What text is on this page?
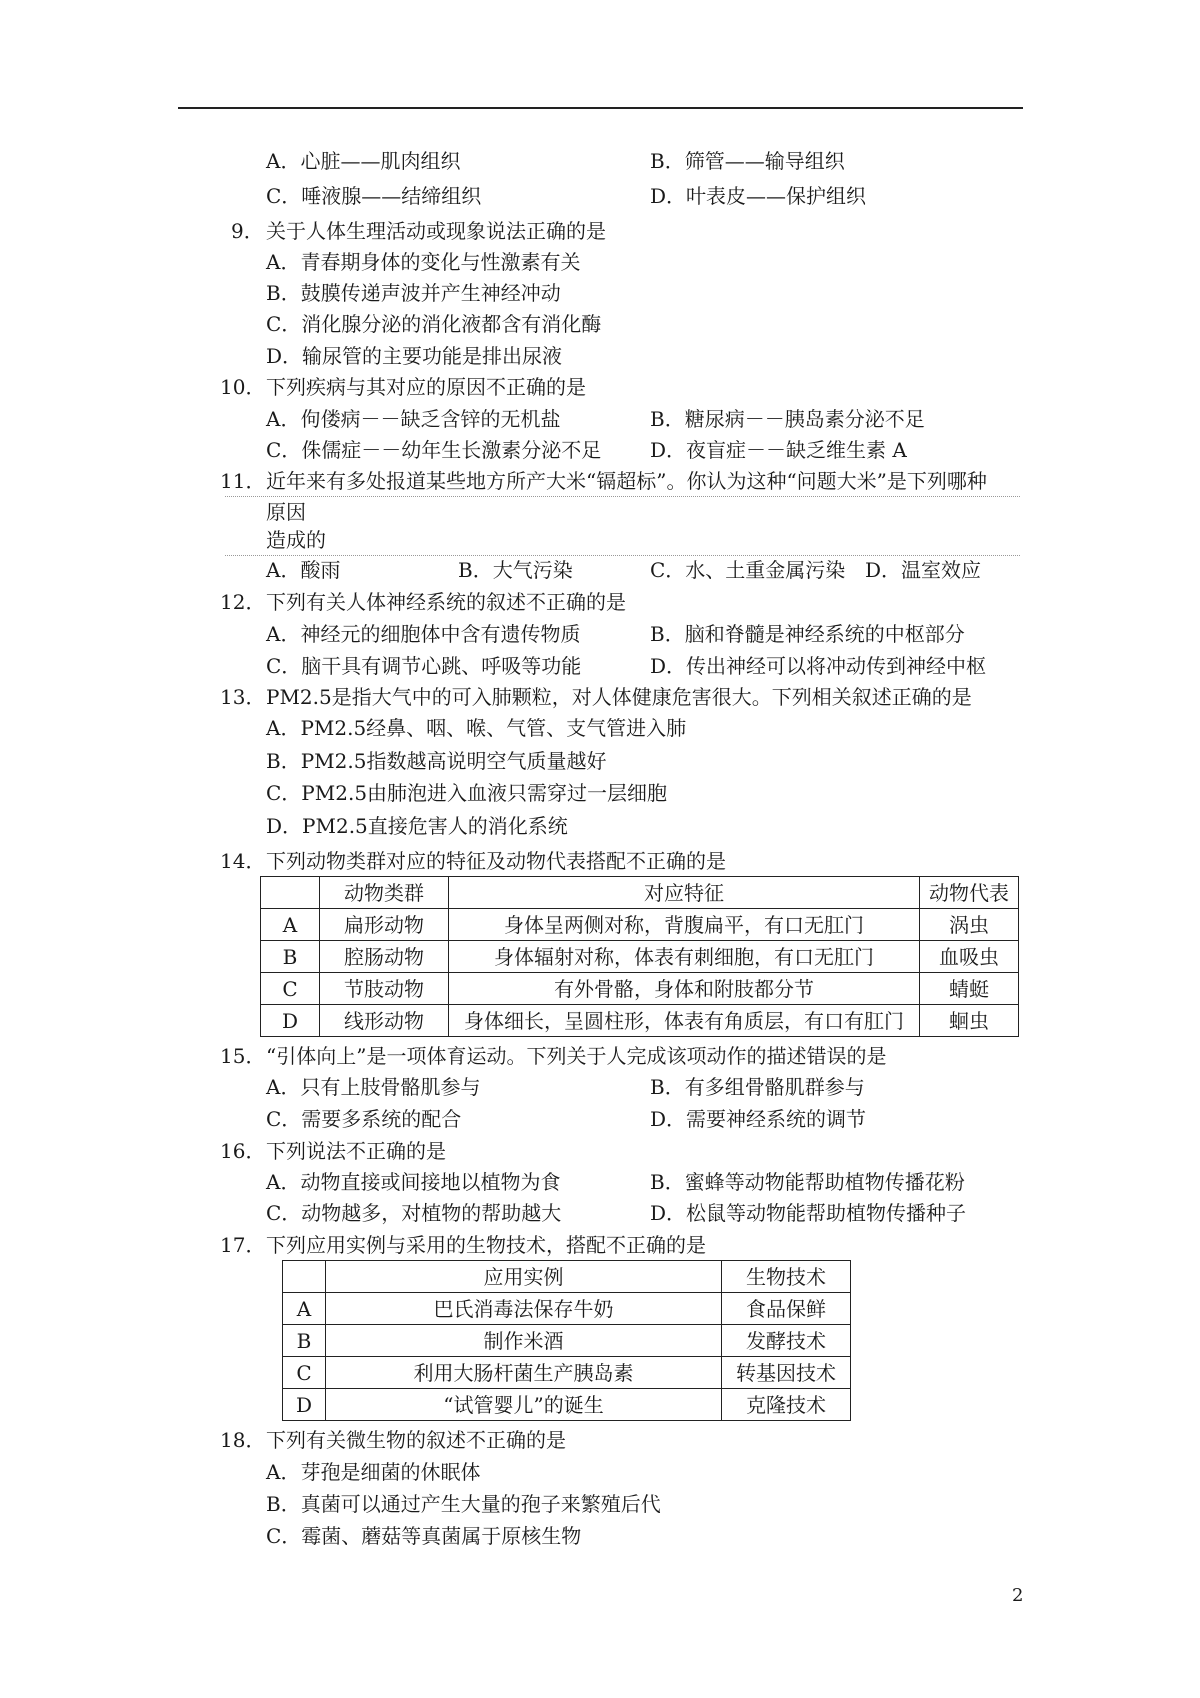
A．心脏——肌肉组织	B．筛管——输导组织
C．唾液腺——结缔组织	D．叶表皮——保护组织
9． 关于人体生理活动或现象说法正确的是
A．青春期身体的变化与性激素有关
B．鼓膜传递声波并产生神经冲动
C．消化腺分泌的消化液都含有消化酶
D．输尿管的主要功能是排出尿液
10． 下列疾病与其对应的原因不正确的是
A．佝偻病－－缺乏含锌的无机盐	B．糖尿病－－胰岛素分泌不足
C．侏儒症－－幼年生长激素分泌不足 D．夜盲症－－缺乏维生素 A
11． 近年来有多处报道某些地方所产大米“镉超标”。你认为这种“问题大米”是下列哪种
原因
造成的
A．酸雨	B．大气污染	C．水、土重金属污染 D．温室效应
12． 下列有关人体神经系统的叙述不正确的是
A．神经元的细胞体中含有遗传物质	B．脑和脊髓是神经系统的中枢部分
C．脑干具有调节心跳、呼吸等功能	D．传出神经可以将冲动传到神经中枢
13． PM2.5是指大气中的可入肺颗粒，对人体健康危害很大。下列相关叙述正确的是
A．PM2.5经鼻、咽、喉、气管、支气管进入肺
B．PM2.5指数越高说明空气质量越好
C．PM2.5由肺泡进入血液只需穿过一层细胞
D．PM2.5直接危害人的消化系统
14． 下列动物类群对应的特征及动物代表搭配不正确的是
	动物类群	对应特征	动物代表
A	扁形动物	身体呈两侧对称，背腹扁平，有口无肛门	涡虫
B	腔肠动物	身体辐射对称，体表有刺细胞，有口无肛门	血吸虫
C	节肢动物	有外骨骼，身体和附肢都分节	蜻蜓
D	线形动物	身体细长，呈圆柱形，体表有角质层，有口有肛门	蛔虫
15． “引体向上”是一项体育运动。下列关于人完成该项动作的描述错误的是
A．只有上肢骨骼肌参与	B．有多组骨骼肌群参与
C．需要多系统的配合	D．需要神经系统的调节
16． 下列说法不正确的是
A．动物直接或间接地以植物为食	B．蜜蜂等动物能帮助植物传播花粉
C．动物越多，对植物的帮助越大	D．松鼠等动物能帮助植物传播种子
17． 下列应用实例与采用的生物技术，搭配不正确的是
	应用实例	生物技术
A	巴氏消毒法保存牛奶	食品保鲜
B	制作米酒	发酵技术
C	利用大肠杆菌生产胰岛素	转基因技术
D	“试管婴儿”的诞生	克隆技术
18． 下列有关微生物的叙述不正确的是
A．芽孢是细菌的休眠体
B．真菌可以通过产生大量的孢子来繁殖后代
C．霉菌、蘑菇等真菌属于原核生物
2
